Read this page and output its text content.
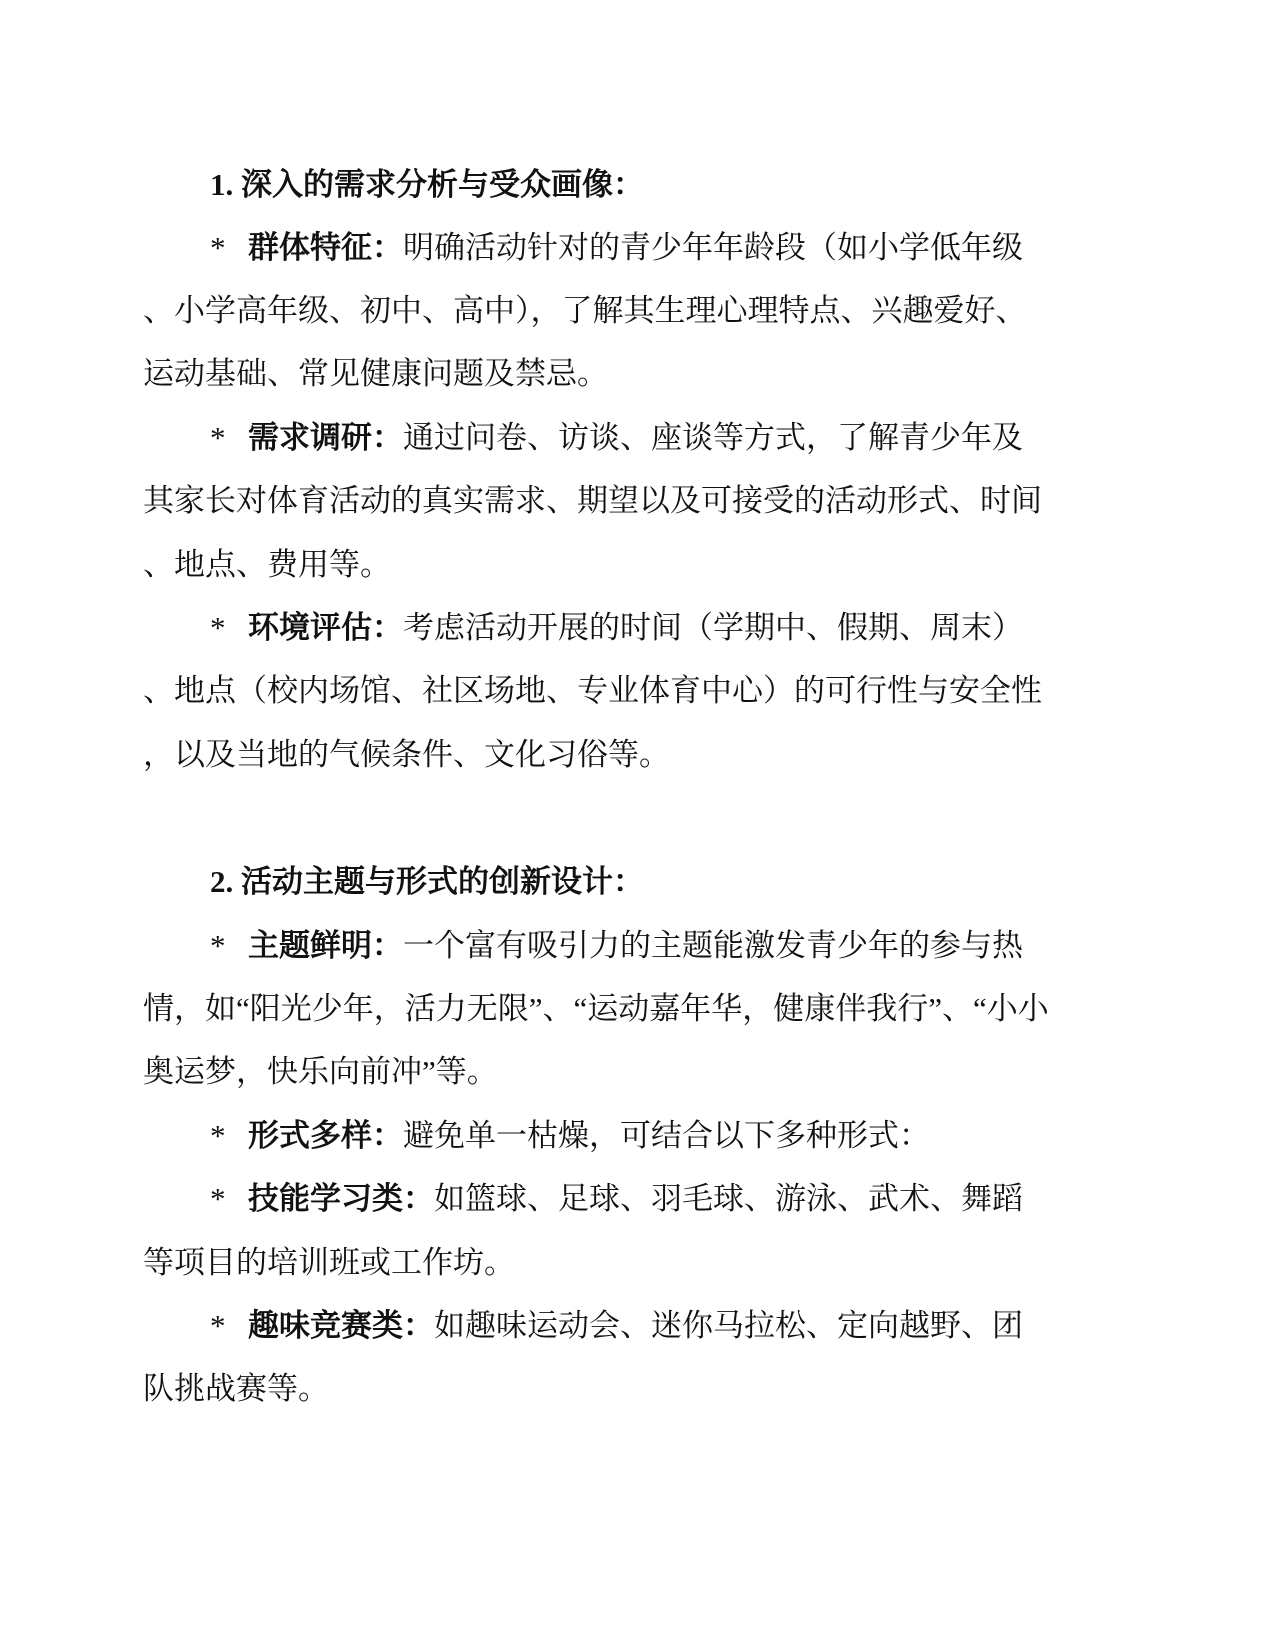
1. 深入的需求分析与受众画像：
* 群体特征：明确活动针对的青少年年龄段（如小学低年级
、小学高年级、初中、高中），了解其生理心理特点、兴趣爱好、
运动基础、常见健康问题及禁忌。
* 需求调研：通过问卷、访谈、座谈等方式，了解青少年及
其家长对体育活动的真实需求、期望以及可接受的活动形式、时间
、地点、费用等。
* 环境评估：考虑活动开展的时间（学期中、假期、周末）
、地点（校内场馆、社区场地、专业体育中心）的可行性与安全性
，以及当地的气候条件、文化习俗等。
2. 活动主题与形式的创新设计：
* 主题鲜明：一个富有吸引力的主题能激发青少年的参与热
情，如“阳光少年，活力无限”、“运动嘉年华，健康伴我行”、“小小
奥运梦，快乐向前冲”等。
* 形式多样：避免单一枯燥，可结合以下多种形式：
* 技能学习类：如篮球、足球、羽毛球、游泳、武术、舞蹈
等项目的培训班或工作坊。
* 趣味竞赛类：如趣味运动会、迷你马拉松、定向越野、团
队挑战赛等。
